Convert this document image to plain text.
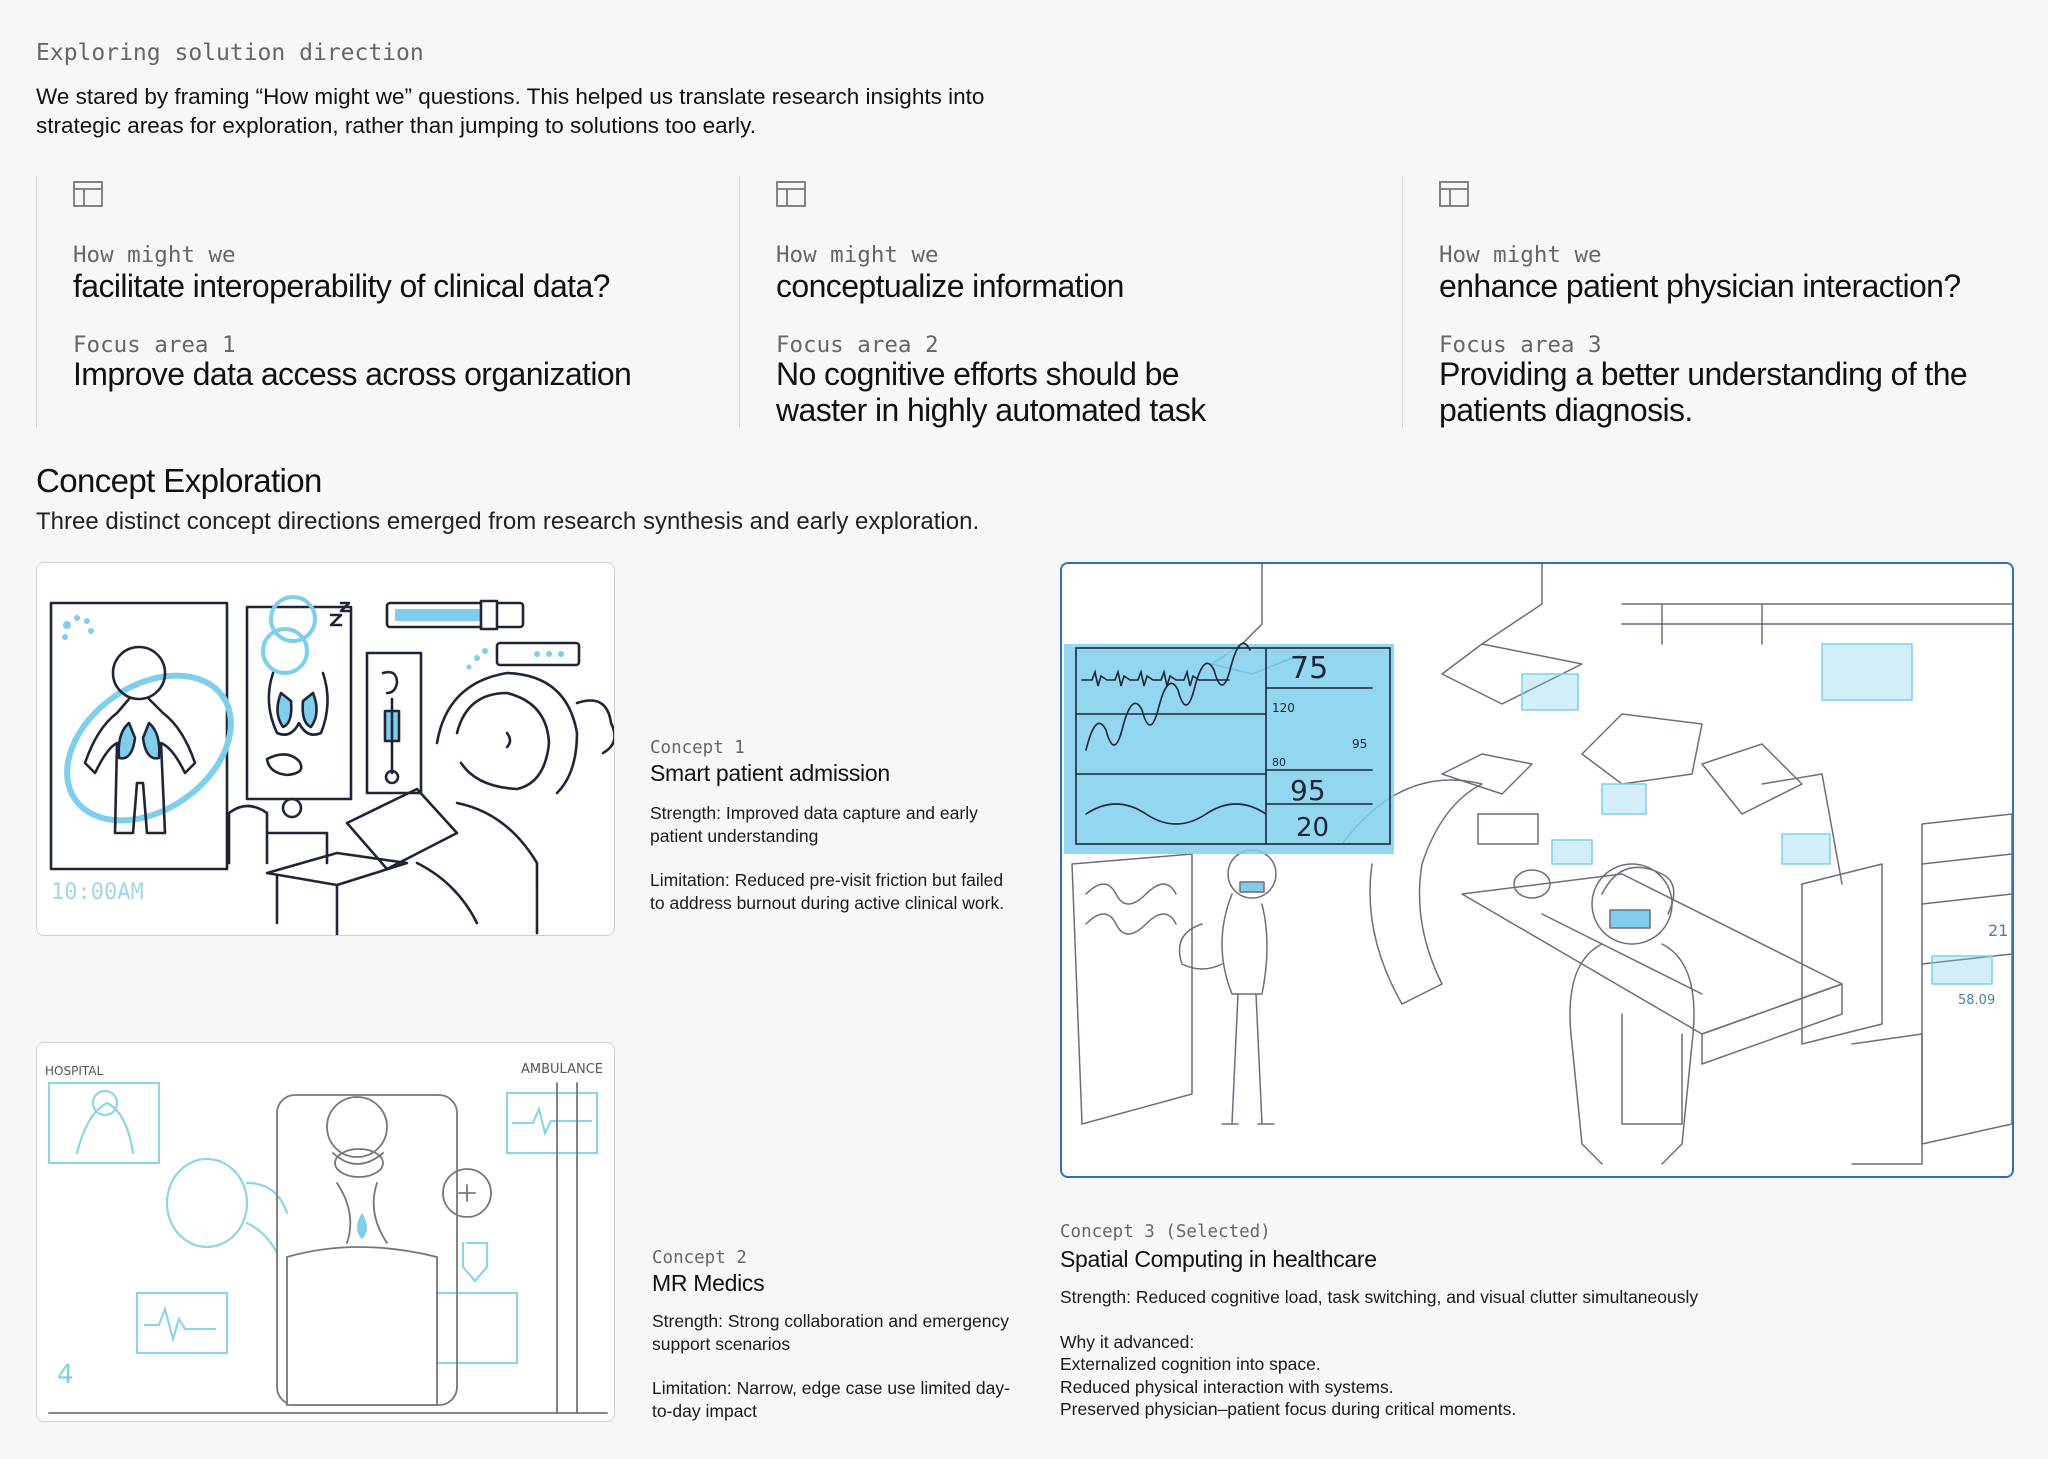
Exploring solution direction
We stared by framing “How might we” questions. This helped us translate research insights into strategic areas for exploration, rather than jumping to solutions too early.
How might we
facilitate interoperability of clinical data?
Focus area 1
Improve data access across organization
How might we
conceptualize information
Focus area 2
No cognitive efforts should be waster in highly automated task
How might we
enhance patient physician interaction?
Focus area 3
Providing a better understanding of the patients diagnosis.
Concept Exploration
Three distinct concept directions emerged from research synthesis and early exploration.
10:00AM
Concept 1
Smart patient admission

Strength: Improved data capture and early patient understanding

Limitation: Reduced pre-visit friction but failed to address burnout during active clinical work.

HOSPITAL	AMBULANCE
4
Concept 2
MR Medics

Strength: Strong collaboration and emergency support scenarios

Limitation: Narrow, edge case use limited day-to-day impact

75
120
95
80
95
20
21
58.09
Concept 3 (Selected)
Spatial Computing in healthcare

Strength: Reduced cognitive load, task switching, and visual clutter simultaneously

Why it advanced:
Externalized cognition into space.
Reduced physical interaction with systems.
Preserved physician–patient focus during critical moments.
